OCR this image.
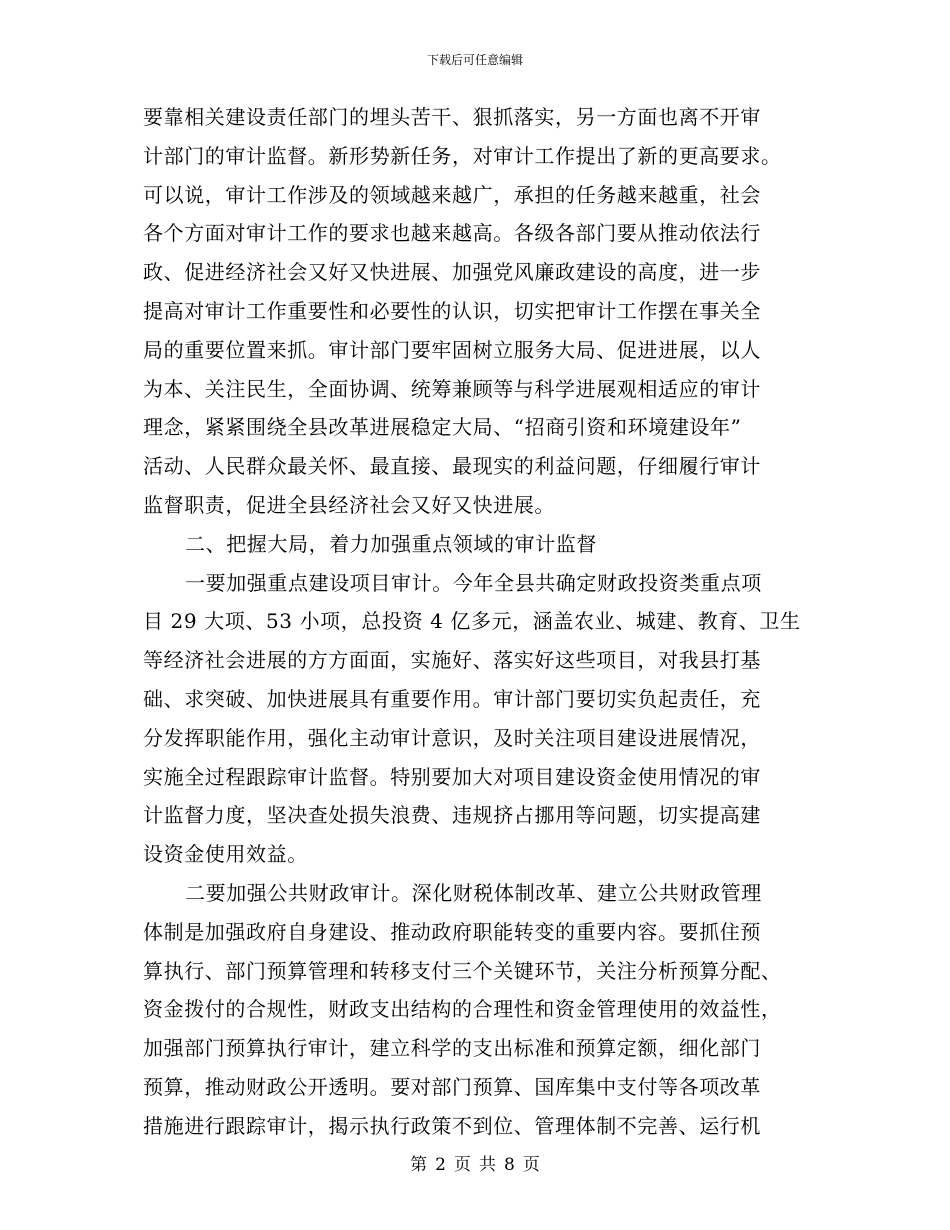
下载后可任意编辑
要靠相关建设责任部门的埋头苦干、狠抓落实，另一方面也离不开审
计部门的审计监督。新形势新任务，对审计工作提出了新的更高要求。
可以说，审计工作涉及的领域越来越广，承担的任务越来越重，社会
各个方面对审计工作的要求也越来越高。各级各部门要从推动依法行
政、促进经济社会又好又快进展、加强党风廉政建设的高度，进一步
提高对审计工作重要性和必要性的认识，切实把审计工作摆在事关全
局的重要位置来抓。审计部门要牢固树立服务大局、促进进展，以人
为本、关注民生，全面协调、统筹兼顾等与科学进展观相适应的审计
理念，紧紧围绕全县改革进展稳定大局、“招商引资和环境建设年”
活动、人民群众最关怀、最直接、最现实的利益问题，仔细履行审计
监督职责，促进全县经济社会又好又快进展。
二、把握大局，着力加强重点领域的审计监督
一要加强重点建设项目审计。今年全县共确定财政投资类重点项
目 29 大项、53 小项，总投资 4 亿多元，涵盖农业、城建、教育、卫生
等经济社会进展的方方面面，实施好、落实好这些项目，对我县打基
础、求突破、加快进展具有重要作用。审计部门要切实负起责任，充
分发挥职能作用，强化主动审计意识，及时关注项目建设进展情况，
实施全过程跟踪审计监督。特别要加大对项目建设资金使用情况的审
计监督力度，坚决查处损失浪费、违规挤占挪用等问题，切实提高建
设资金使用效益。
二要加强公共财政审计。深化财税体制改革、建立公共财政管理
体制是加强政府自身建设、推动政府职能转变的重要内容。要抓住预
算执行、部门预算管理和转移支付三个关键环节，关注分析预算分配、
资金拨付的合规性，财政支出结构的合理性和资金管理使用的效益性，
加强部门预算执行审计，建立科学的支出标准和预算定额，细化部门
预算，推动财政公开透明。要对部门预算、国库集中支付等各项改革
措施进行跟踪审计，揭示执行政策不到位、管理体制不完善、运行机
第 2 页 共 8 页
